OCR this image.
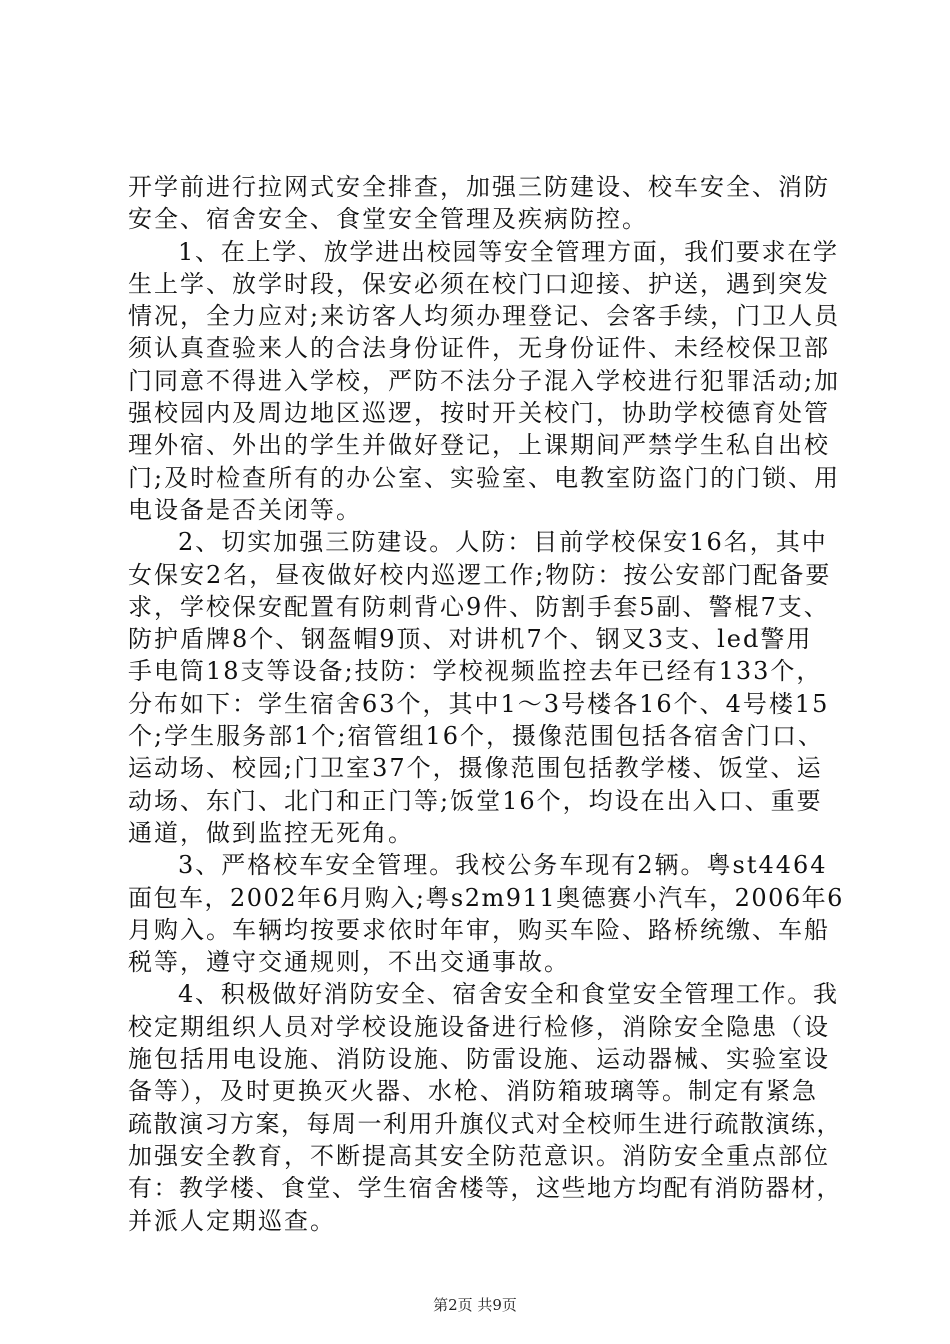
开学前进行拉网式安全排查，加强三防建设、校车安全、消防
安全、宿舍安全、食堂安全管理及疾病防控。
1、在上学、放学进出校园等安全管理方面，我们要求在学
生上学、放学时段，保安必须在校门口迎接、护送，遇到突发
情况，全力应对;来访客人均须办理登记、会客手续，门卫人员
须认真查验来人的合法身份证件，无身份证件、未经校保卫部
门同意不得进入学校，严防不法分子混入学校进行犯罪活动;加
强校园内及周边地区巡逻，按时开关校门，协助学校德育处管
理外宿、外出的学生并做好登记，上课期间严禁学生私自出校
门;及时检查所有的办公室、实验室、电教室防盗门的门锁、用
电设备是否关闭等。
2、切实加强三防建设。人防：目前学校保安16名，其中
女保安2名，昼夜做好校内巡逻工作;物防：按公安部门配备要
求，学校保安配置有防刺背心9件、防割手套5副、警棍7支、
防护盾牌8个、钢盔帽9顶、对讲机7个、钢叉3支、led警用
手电筒18支等设备;技防：学校视频监控去年已经有133个，
分布如下：学生宿舍63个，其中1～3号楼各16个、4号楼15
个;学生服务部1个;宿管组16个，摄像范围包括各宿舍门口、
运动场、校园;门卫室37个，摄像范围包括教学楼、饭堂、运
动场、东门、北门和正门等;饭堂16个，均设在出入口、重要
通道，做到监控无死角。
3、严格校车安全管理。我校公务车现有2辆。粤st4464
面包车，2002年6月购入;粤s2m911奥德赛小汽车，2006年6
月购入。车辆均按要求依时年审，购买车险、路桥统缴、车船
税等，遵守交通规则，不出交通事故。
4、积极做好消防安全、宿舍安全和食堂安全管理工作。我
校定期组织人员对学校设施设备进行检修，消除安全隐患（设
施包括用电设施、消防设施、防雷设施、运动器械、实验室设
备等），及时更换灭火器、水枪、消防箱玻璃等。制定有紧急
疏散演习方案，每周一利用升旗仪式对全校师生进行疏散演练，
加强安全教育，不断提高其安全防范意识。消防安全重点部位
有：教学楼、食堂、学生宿舍楼等，这些地方均配有消防器材，
并派人定期巡查。
第2页 共9页
